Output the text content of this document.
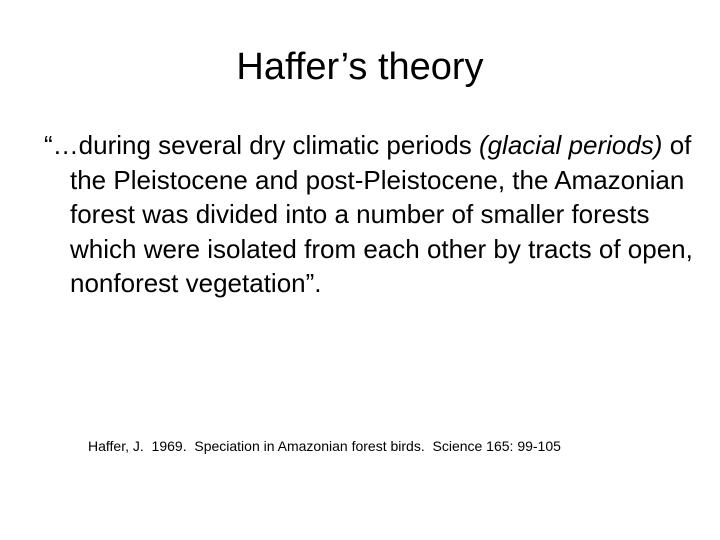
Haffer’s theory

“…during several dry climatic periods (glacial periods) of the Pleistocene and post-Pleistocene, the Amazonian forest was divided into a number of smaller forests which were isolated from each other by tracts of open, nonforest vegetation”.

Haffer, J.  1969.  Speciation in Amazonian forest birds.  Science 165: 99-105
